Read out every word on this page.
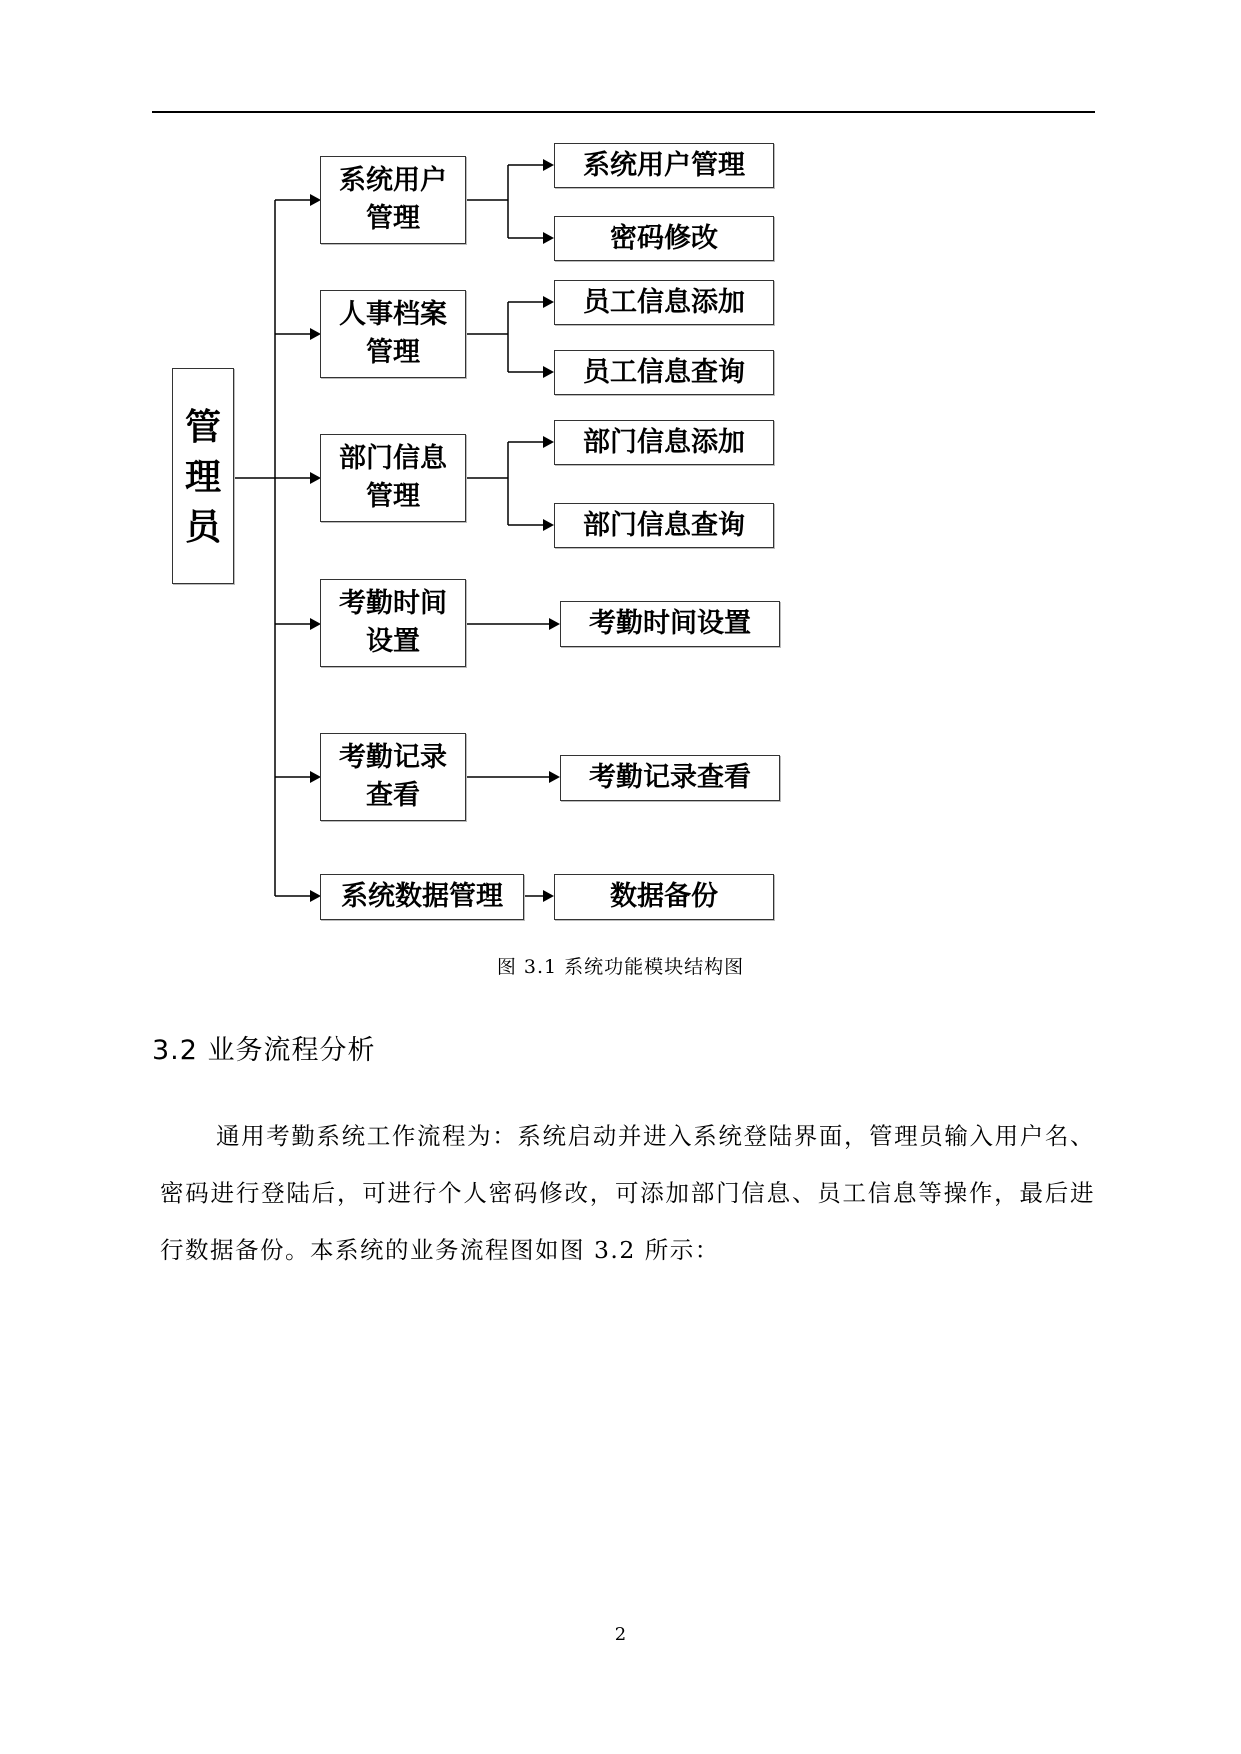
管
理
员
系统用户
管理
人事档案
管理
部门信息
管理
考勤时间
设置
考勤记录
查看
系统数据管理
系统用户管理
密码修改
员工信息添加
员工信息查询
部门信息添加
部门信息查询
考勤时间设置
考勤记录查看
数据备份
图 3.1 系统功能模块结构图
3.2 业务流程分析

通用考勤系统工作流程为：系统启动并进入系统登陆界面，管理员输入用户名、密码进行登陆后，可进行个人密码修改，可添加部门信息、员工信息等操作，最后进行数据备份。本系统的业务流程图如图 3.2 所示：

2
